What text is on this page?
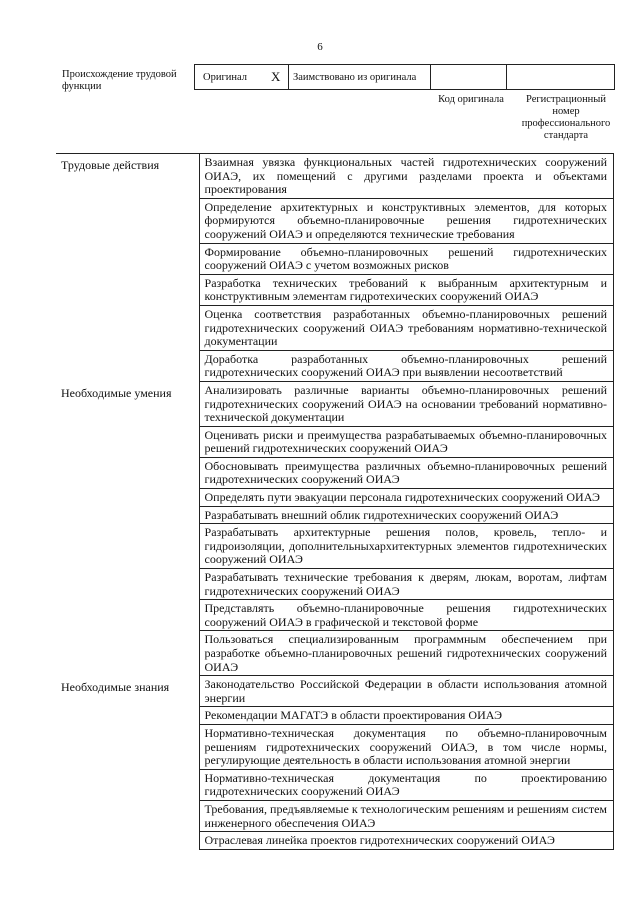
6
Происхождение трудовой функции
Оригинал X Заимствовано из оригинала
Код оригинала	Регистрационный номер профессионального стандарта
Трудовые действия	Взаимная увязка функциональных частей гидротехнических сооружений ОИАЭ, их помещений с другими разделами проекта и объектами проектирования
Определение архитектурных и конструктивных элементов, для которых формируются объемно-планировочные решения гидротехнических сооружений ОИАЭ и определяются технические требования
Формирование объемно-планировочных решений гидротехнических сооружений ОИАЭ с учетом возможных рисков
Разработка технических требований к выбранным архитектурным и конструктивным элементам гидротехических сооружений ОИАЭ
Оценка соответствия разработанных объемно-планировочных решений гидротехнических сооружений ОИАЭ требованиям нормативно-технической документации
Доработка разработанных объемно-планировочных решений гидротехнических сооружений ОИАЭ при выявлении несоответствий
Необходимые умения	Анализировать различные варианты объемно-планировочных решений гидротехнических сооружений ОИАЭ на основании требований нормативно-технической документации
Оценивать риски и преимущества разрабатываемых объемно-планировочных решений гидротехнических сооружений ОИАЭ
Обосновывать преимущества различных объемно-планировочных решений гидротехнических сооружений ОИАЭ
Определять пути эвакуации персонала гидротехнических сооружений ОИАЭ
Разрабатывать внешний облик гидротехнических сооружений ОИАЭ
Разрабатывать архитектурные решения полов, кровель, тепло- и гидроизоляции, дополнительныхархитектурных элементов гидротехнических сооружений ОИАЭ
Разрабатывать технические требования к дверям, люкам, воротам, лифтам гидротехнических сооружений ОИАЭ
Представлять объемно-планировочные решения гидротехнических сооружений ОИАЭ в графической и текстовой форме
Пользоваться специализированным программным обеспечением при разработке объемно-планировочных решений гидротехнических сооружений ОИАЭ
Необходимые знания	Законодательство Российской Федерации в области использования атомной энергии
Рекомендации МАГАТЭ в области проектирования ОИАЭ
Нормативно-техническая документация по объемно-планировочным решениям гидротехнических сооружений ОИАЭ, в том числе нормы, регулирующие деятельность в области использования атомной энергии
Нормативно-техническая документация по проектированию гидротехнических сооружений ОИАЭ
Требования, предъявляемые к технологическим решениям и решениям систем инженерного обеспечения ОИАЭ
Отраслевая линейка проектов гидротехнических сооружений ОИАЭ
